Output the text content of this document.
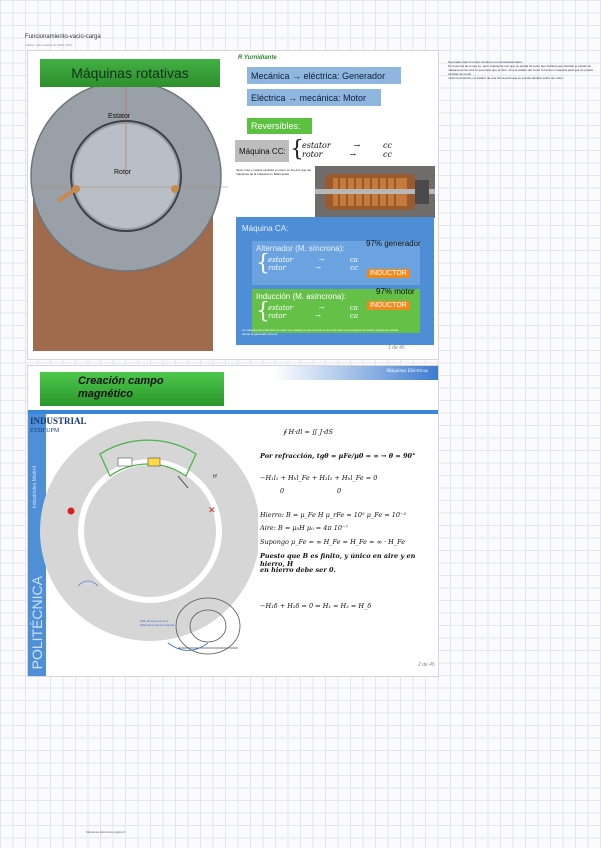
Funcionamiento-vacio-carga
martes, 9 de octubre de 2012 18:57
Se puede usar un motor continuo en una transformador.
Pe tenemos de el uso ex, pero solamente con que se podría de tener que hubiera que cambiar el estator la máquina es de rotor lo que hace que el rotor, si la el estator del motor lo hará en máquina para que se pueda cambiar de modo
motor funcionará y el estator de una forma para que se pueda cambiar sobre de motor
Estator
Rotor
Máquinas rotativas
R Yurnidiante
Mecánica → eléctrica: Generador
Eléctrica → mecánica: Motor
Reversibles:
Máquina CC: {
estator	→	cc
rotor	→	cc
Tanto rotor y estator también el motor en los dos que las máquinas de la máquina en fallamentas
Máquina CA:
Alternador (M. síncrona):
{
estator	→	ca
rotor	→	cc
INDUCTOR
97% generador
Inducción (M. asíncrona):
{
estator	→	ca
rotor	→	ca
INDUCTOR
97% motor
La máquina de inducción no está muy usada ya que el rotor es de inducción no la puedes controlar, solamente puede desde el generador que es
1 de 45
Máquinas Eléctricas
Creación campo
magnético
INDUSTRIAL
ETSII UPM
POLITÉCNICA
Industriales Madrid
✕
H
Sólo de largo de la el fallamiento de la máquina
∮ H·dl = ∬ J·dS
Por refracción, tgθ = μFe/μ0 = ∞ → θ = 90°
−H₁l₁ + Hₕl_Fe + H₂l₂ + Hₕl_Fe = 0
0	0
Hierro: B = μ_Fe H μ_rFe ≈ 10⁵ μ_Fe ≈ 10⁻²
Aire: B = μ₀H μ₀ = 4π 10⁻⁷
Supongo μ_Fe = ∞ H_Fe = H_Fe = ∞ · H_Fe
Puesto que B es finito, y único en aire y en hierro, H
en hierro debe ser 0.
−H₁δ + H₂δ = 0 ⇒ H₁ = H₂ = H_δ
2 de 45
Máquinas Eléctricas página 6
